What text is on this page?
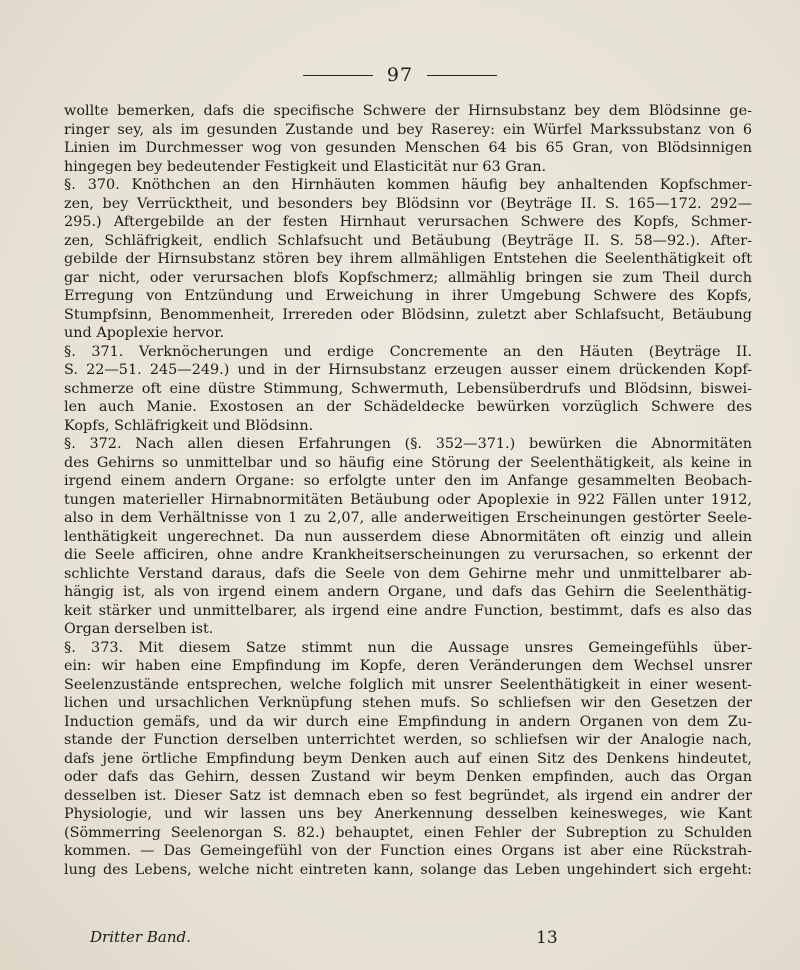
97
wollte bemerken, dafs die specifische Schwere der Hirnsubstanz bey dem Blödsinne ge-
ringer sey, als im gesunden Zustande und bey Raserey: ein Würfel Markssubstanz von 6
Linien im Durchmesser wog von gesunden Menschen 64 bis 65 Gran, von Blödsinnigen
hingegen bey bedeutender Festigkeit und Elasticität nur 63 Gran.
§. 370. Knöthchen an den Hirnhäuten kommen häufig bey anhaltenden Kopfschmer-
zen, bey Verrücktheit, und besonders bey Blödsinn vor (Beyträge II. S. 165—172. 292—
295.) Aftergebilde an der festen Hirnhaut verursachen Schwere des Kopfs, Schmer-
zen, Schläfrigkeit, endlich Schlafsucht und Betäubung (Beyträge II. S. 58—92.). After-
gebilde der Hirnsubstanz stören bey ihrem allmähligen Entstehen die Seelenthätigkeit oft
gar nicht, oder verursachen blofs Kopfschmerz; allmählig bringen sie zum Theil durch
Erregung von Entzündung und Erweichung in ihrer Umgebung Schwere des Kopfs,
Stumpfsinn, Benommenheit, Irrereden oder Blödsinn, zuletzt aber Schlafsucht, Betäubung
und Apoplexie hervor.
§. 371. Verknöcherungen und erdige Concremente an den Häuten (Beyträge II.
S. 22—51. 245—249.) und in der Hirnsubstanz erzeugen ausser einem drückenden Kopf-
schmerze oft eine düstre Stimmung, Schwermuth, Lebensüberdrufs und Blödsinn, biswei-
len auch Manie. Exostosen an der Schädeldecke bewürken vorzüglich Schwere des
Kopfs, Schläfrigkeit und Blödsinn.
§. 372. Nach allen diesen Erfahrungen (§. 352—371.) bewürken die Abnormitäten
des Gehirns so unmittelbar und so häufig eine Störung der Seelenthätigkeit, als keine in
irgend einem andern Organe: so erfolgte unter den im Anfange gesammelten Beobach-
tungen materieller Hirnabnormitäten Betäubung oder Apoplexie in 922 Fällen unter 1912,
also in dem Verhältnisse von 1 zu 2,07, alle anderweitigen Erscheinungen gestörter Seele-
lenthätigkeit ungerechnet. Da nun ausserdem diese Abnormitäten oft einzig und allein
die Seele afficiren, ohne andre Krankheitserscheinungen zu verursachen, so erkennt der
schlichte Verstand daraus, dafs die Seele von dem Gehirne mehr und unmittelbarer ab-
hängig ist, als von irgend einem andern Organe, und dafs das Gehirn die Seelenthätig-
keit stärker und unmittelbarer, als irgend eine andre Function, bestimmt, dafs es also das
Organ derselben ist.
§. 373. Mit diesem Satze stimmt nun die Aussage unsres Gemeingefühls über-
ein: wir haben eine Empfindung im Kopfe, deren Veränderungen dem Wechsel unsrer
Seelenzustände entsprechen, welche folglich mit unsrer Seelenthätigkeit in einer wesent-
lichen und ursachlichen Verknüpfung stehen mufs. So schliefsen wir den Gesetzen der
Induction gemäfs, und da wir durch eine Empfindung in andern Organen von dem Zu-
stande der Function derselben unterrichtet werden, so schliefsen wir der Analogie nach,
dafs jene örtliche Empfindung beym Denken auch auf einen Sitz des Denkens hindeutet,
oder dafs das Gehirn, dessen Zustand wir beym Denken empfinden, auch das Organ
desselben ist. Dieser Satz ist demnach eben so fest begründet, als irgend ein andrer der
Physiologie, und wir lassen uns bey Anerkennung desselben keinesweges, wie Kant
(Sömmerring Seelenorgan S. 82.) behauptet, einen Fehler der Subreption zu Schulden
kommen. — Das Gemeingefühl von der Function eines Organs ist aber eine Rückstrah-
lung des Lebens, welche nicht eintreten kann, solange das Leben ungehindert sich ergeht:
Dritter Band.	13
